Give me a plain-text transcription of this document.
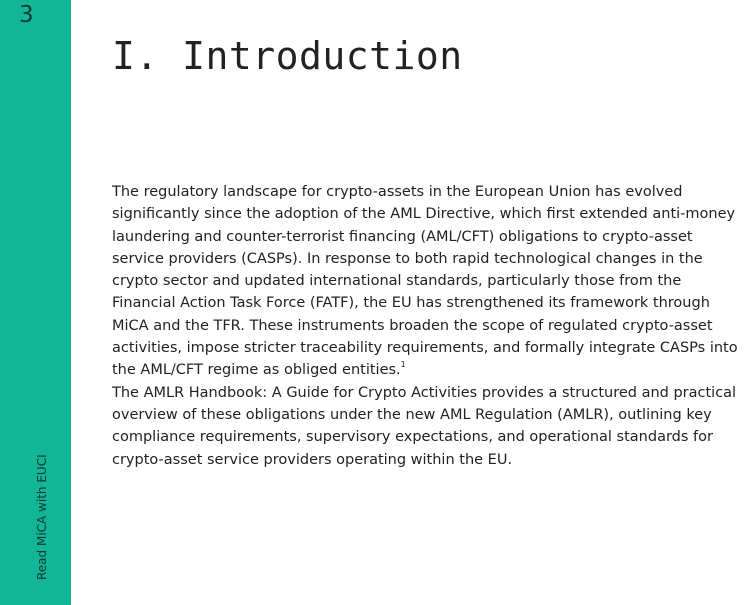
3
Read MiCA with EUCI
I. Introduction

The regulatory landscape for crypto-assets in the European Union has evolved significantly since the adoption of the AML Directive, which first extended anti-money laundering and counter-terrorist financing (AML/CFT) obligations to crypto-asset service providers (CASPs). In response to both rapid technological changes in the crypto sector and updated international standards, particularly those from the Financial Action Task Force (FATF), the EU has strengthened its framework through MiCA and the TFR. These instruments broaden the scope of regulated crypto-asset activities, impose stricter traceability requirements, and formally integrate CASPs into the AML/CFT regime as obliged entities.$^1$

The AMLR Handbook: A Guide for Crypto Activities provides a structured and practical overview of these obligations under the new AML Regulation (AMLR), outlining key compliance requirements, supervisory expectations, and operational standards for crypto-asset service providers operating within the EU.
